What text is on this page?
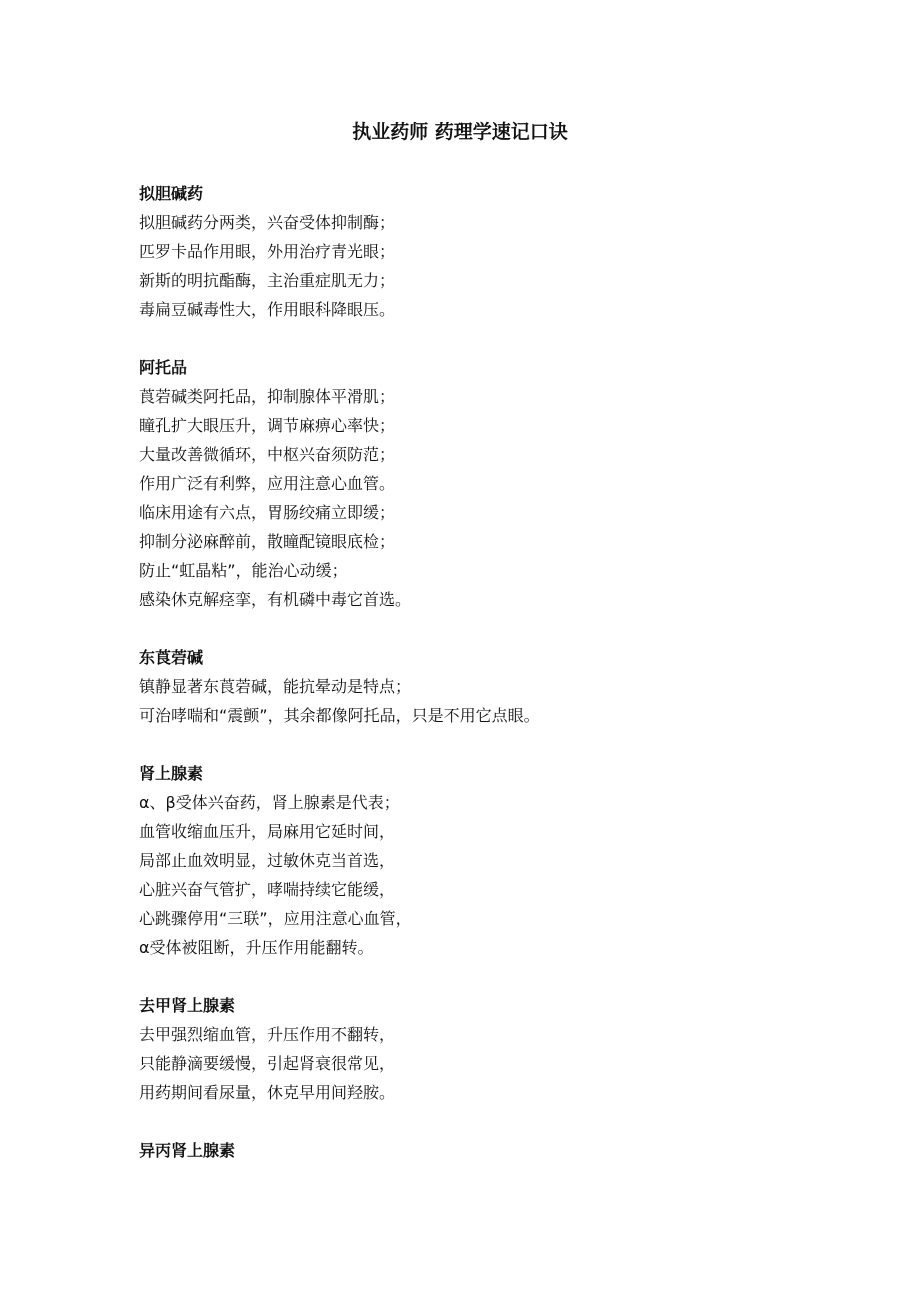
执业药师 药理学速记口诀
拟胆碱药
拟胆碱药分两类，兴奋受体抑制酶；
匹罗卡品作用眼，外用治疗青光眼；
新斯的明抗酯酶，主治重症肌无力；
毒扁豆碱毒性大，作用眼科降眼压。
阿托品
莨菪碱类阿托品，抑制腺体平滑肌；
瞳孔扩大眼压升，调节麻痹心率快；
大量改善微循环，中枢兴奋须防范；
作用广泛有利弊，应用注意心血管。
临床用途有六点，胃肠绞痛立即缓；
抑制分泌麻醉前，散瞳配镜眼底检；
防止“虹晶粘”，能治心动缓；
感染休克解痉挛，有机磷中毒它首选。
东莨菪碱
镇静显著东莨菪碱，能抗晕动是特点；
可治哮喘和“震颤”，其余都像阿托品，只是不用它点眼。
肾上腺素
α、β受体兴奋药，肾上腺素是代表；
血管收缩血压升，局麻用它延时间，
局部止血效明显，过敏休克当首选，
心脏兴奋气管扩，哮喘持续它能缓，
心跳骤停用“三联”，应用注意心血管，
α受体被阻断，升压作用能翻转。
去甲肾上腺素
去甲强烈缩血管，升压作用不翻转，
只能静滴要缓慢，引起肾衰很常见，
用药期间看尿量，休克早用间羟胺。
异丙肾上腺素
